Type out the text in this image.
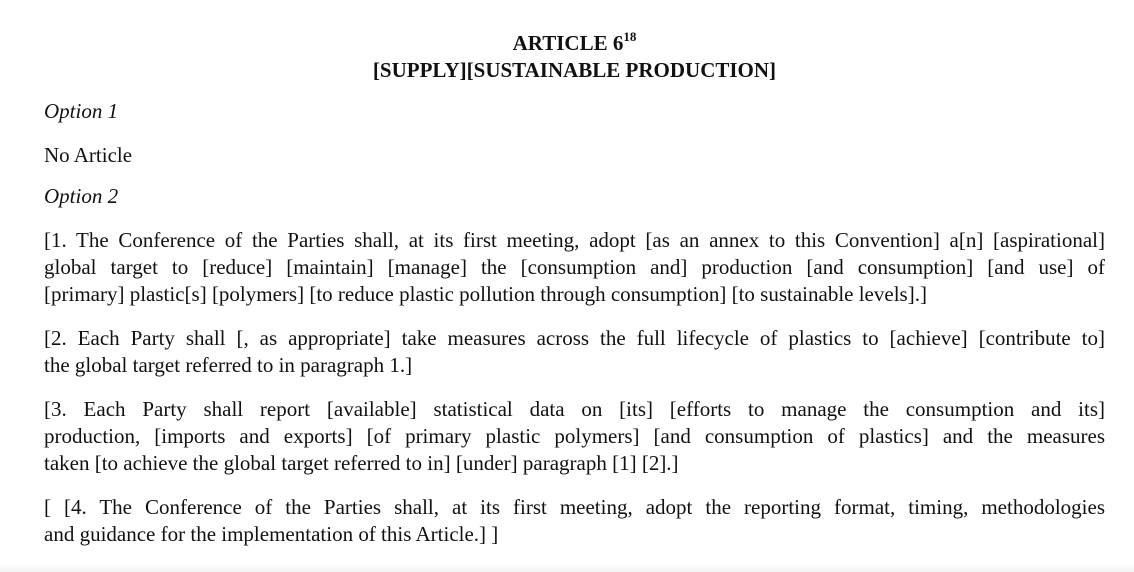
ARTICLE $6^{18}$

[SUPPLY][SUSTAINABLE PRODUCTION]

Option 1

No Article

Option 2

[1. The Conference of the Parties shall, at its first meeting, adopt [as an annex to this Convention] a[n] [aspirational]
global target to [reduce] [maintain] [manage] the [consumption and] production [and consumption] [and use] of
[primary] plastic[s] [polymers] [to reduce plastic pollution through consumption] [to sustainable levels].]

[2. Each Party shall [, as appropriate] take measures across the full lifecycle of plastics to [achieve] [contribute to]
the global target referred to in paragraph 1.]

[3. Each Party shall report [available] statistical data on [its] [efforts to manage the consumption and its]
production, [imports and exports] [of primary plastic polymers] [and consumption of plastics] and the measures
taken [to achieve the global target referred to in] [under] paragraph [1] [2].]

[ [4. The Conference of the Parties shall, at its first meeting, adopt the reporting format, timing, methodologies
and guidance for the implementation of this Article.] ]
